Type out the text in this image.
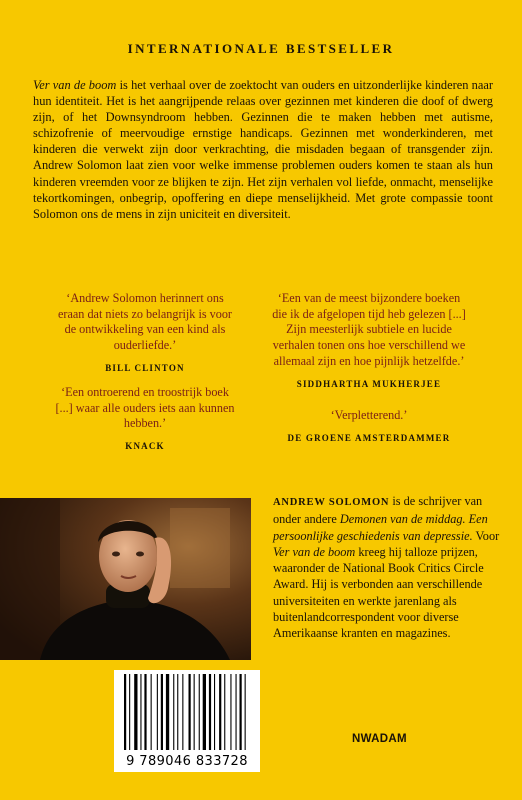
INTERNATIONALE BESTSELLER

Ver van de boom is het verhaal over de zoektocht van ouders en uitzonderlijke kinderen naar hun identiteit. Het is het aangrijpende relaas over gezinnen met kinderen die doof of dwerg zijn, of het Downsyndroom hebben. Gezinnen die te maken hebben met autisme, schizofrenie of meervoudige ernstige handicaps. Gezinnen met wonderkinderen, met kinderen die verwekt zijn door verkrachting, die misdaden begaan of transgender zijn. Andrew Solomon laat zien voor welke immense problemen ouders komen te staan als hun kinderen vreemden voor ze blijken te zijn. Het zijn verhalen vol liefde, onmacht, menselijke tekortkomingen, onbegrip, opoffering en diepe menselijkheid. Met grote compassie toont Solomon ons de mens in zijn uniciteit en diversiteit.

‘Andrew Solomon herinnert ons eraan dat niets zo belangrijk is voor de ontwikkeling van een kind als ouderliefde.’
BILL CLINTON
‘Een van de meest bijzondere boeken die ik de afgelopen tijd heb gelezen [...] Zijn meesterlijk subtiele en lucide verhalen tonen ons hoe verschillend we allemaal zijn en hoe pijnlijk hetzelfde.’
SIDDHARTHA MUKHERJEE
‘Een ontroerend en troostrijk boek [...] waar alle ouders iets aan kunnen hebben.’
KNACK
‘Verpletterend.’
DE GROENE AMSTERDAMMER
ANDREW SOLOMON is de schrijver van onder andere Demonen van de middag. Een persoonlijke geschiedenis van depressie. Voor Ver van de boom kreeg hij talloze prijzen, waaronder de National Book Critics Circle Award. Hij is verbonden aan verschillende universiteiten en werkte jarenlang als buitenlandcorrespondent voor diverse Amerikaanse kranten en magazines.
9 789046 833728
NWADAM
